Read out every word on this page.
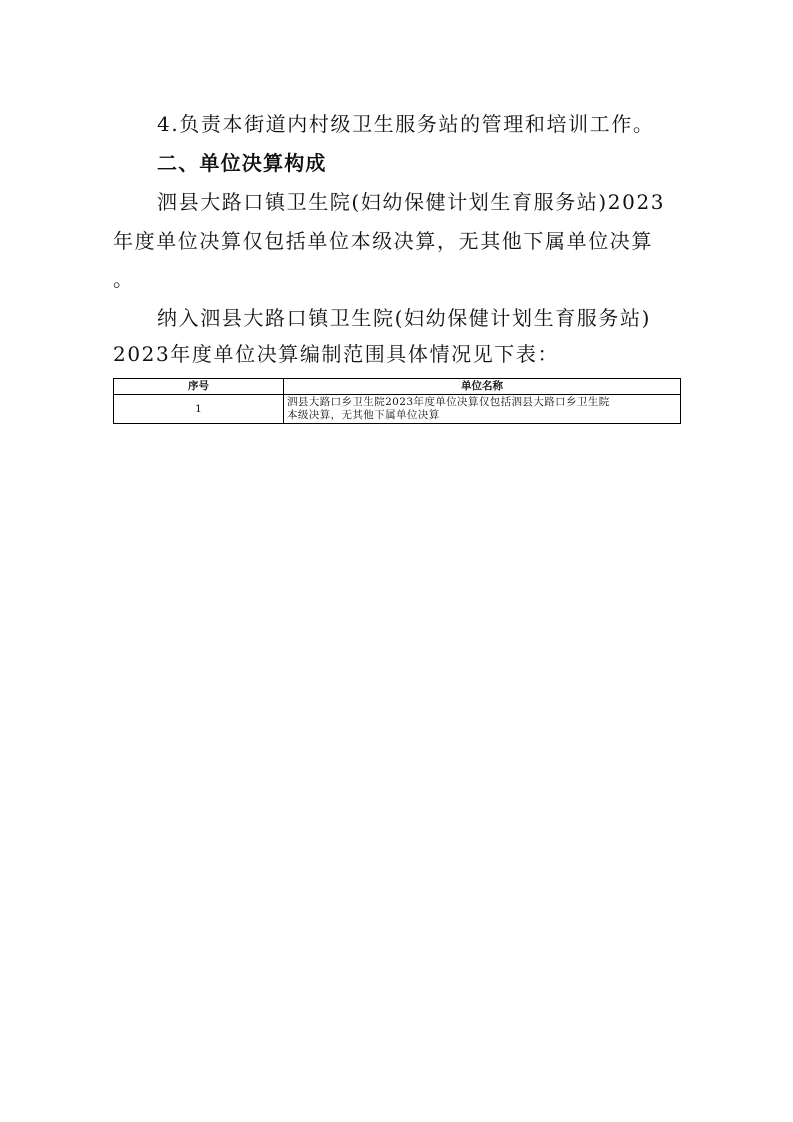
4.负责本街道内村级卫生服务站的管理和培训工作。
二、单位决算构成
泗县大路口镇卫生院(妇幼保健计划生育服务站)2023
年度单位决算仅包括单位本级决算，无其他下属单位决算
。
纳入泗县大路口镇卫生院(妇幼保健计划生育服务站)
2023年度单位决算编制范围具体情况见下表：
序号	单位名称
1	泗县大路口乡卫生院2023年度单位决算仅包括泗县大路口乡卫生院
本级决算，无其他下属单位决算
